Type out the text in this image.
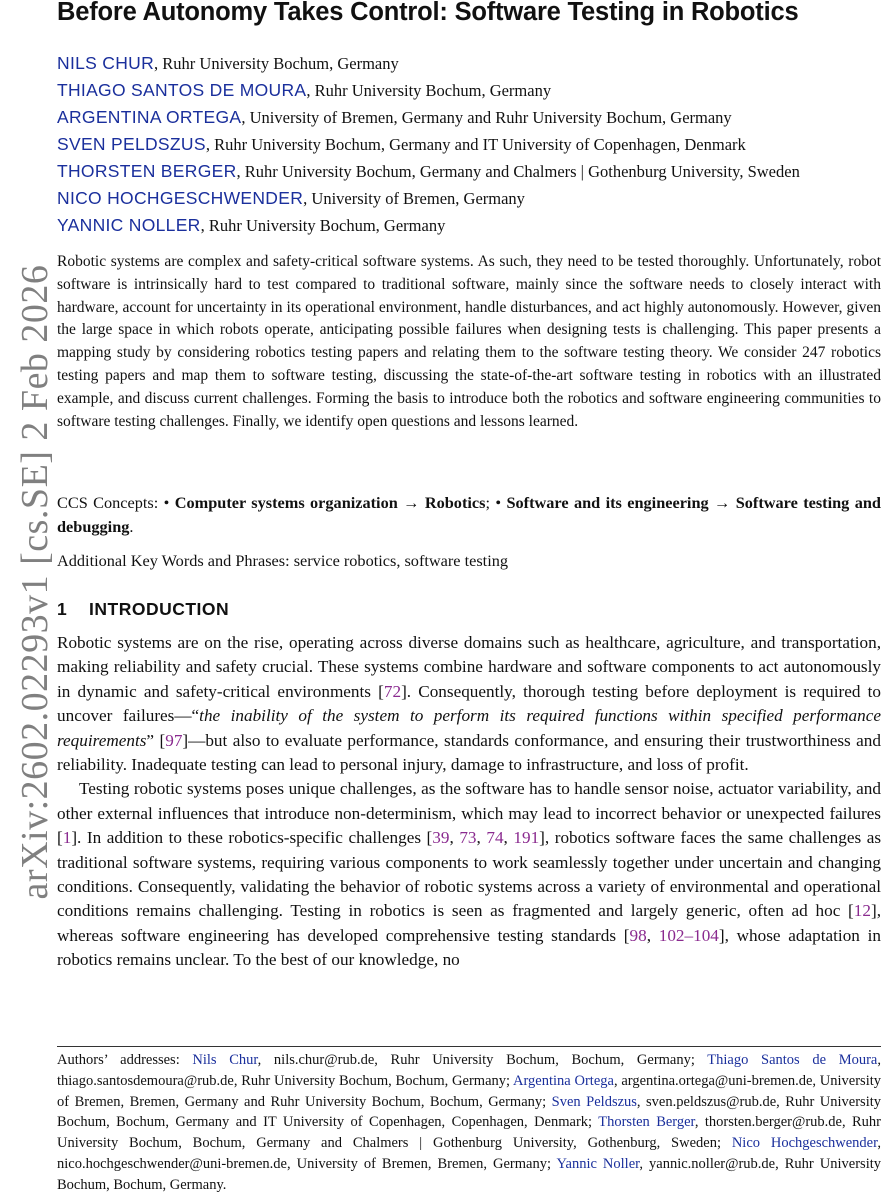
arXiv:2602.02293v1 [cs.SE] 2 Feb 2026
Before Autonomy Takes Control: Software Testing in Robotics
NILS CHUR, Ruhr University Bochum, Germany
THIAGO SANTOS DE MOURA, Ruhr University Bochum, Germany
ARGENTINA ORTEGA, University of Bremen, Germany and Ruhr University Bochum, Germany
SVEN PELDSZUS, Ruhr University Bochum, Germany and IT University of Copenhagen, Denmark
THORSTEN BERGER, Ruhr University Bochum, Germany and Chalmers | Gothenburg University, Sweden
NICO HOCHGESCHWENDER, University of Bremen, Germany
YANNIC NOLLER, Ruhr University Bochum, Germany
Robotic systems are complex and safety-critical software systems. As such, they need to be tested thoroughly. Unfortunately, robot software is intrinsically hard to test compared to traditional software, mainly since the software needs to closely interact with hardware, account for uncertainty in its operational environment, handle disturbances, and act highly autonomously. However, given the large space in which robots operate, anticipating possible failures when designing tests is challenging. This paper presents a mapping study by considering robotics testing papers and relating them to the software testing theory. We consider 247 robotics testing papers and map them to software testing, discussing the state-of-the-art software testing in robotics with an illustrated example, and discuss current challenges. Forming the basis to introduce both the robotics and software engineering communities to software testing challenges. Finally, we identify open questions and lessons learned.
CCS Concepts: • Computer systems organization → Robotics; • Software and its engineering → Software testing and debugging.
Additional Key Words and Phrases: service robotics, software testing
1 INTRODUCTION

Robotic systems are on the rise, operating across diverse domains such as healthcare, agriculture, and transportation, making reliability and safety crucial. These systems combine hardware and software components to act autonomously in dynamic and safety-critical environments [72]. Consequently, thorough testing before deployment is required to uncover failures—“the inability of the system to perform its required functions within specified performance requirements” [97]—but also to evaluate performance, standards conformance, and ensuring their trustworthiness and reliability. Inadequate testing can lead to personal injury, damage to infrastructure, and loss of profit.

Testing robotic systems poses unique challenges, as the software has to handle sensor noise, actuator variability, and other external influences that introduce non-determinism, which may lead to incorrect behavior or unexpected failures [1]. In addition to these robotics-specific challenges [39, 73, 74, 191], robotics software faces the same challenges as traditional software systems, requiring various components to work seamlessly together under uncertain and changing conditions. Consequently, validating the behavior of robotic systems across a variety of environmental and operational conditions remains challenging. Testing in robotics is seen as fragmented and largely generic, often ad hoc [12], whereas software engineering has developed comprehensive testing standards [98, 102–104], whose adaptation in robotics remains unclear. To the best of our knowledge, no

Authors’ addresses: Nils Chur, nils.chur@rub.de, Ruhr University Bochum, Bochum, Germany; Thiago Santos de Moura, thiago.santosdemoura@rub.de, Ruhr University Bochum, Bochum, Germany; Argentina Ortega, argentina.ortega@uni-bremen.de, University of Bremen, Bremen, Germany and Ruhr University Bochum, Bochum, Germany; Sven Peldszus, sven.peldszus@rub.de, Ruhr University Bochum, Bochum, Germany and IT University of Copenhagen, Copenhagen, Denmark; Thorsten Berger, thorsten.berger@rub.de, Ruhr University Bochum, Bochum, Germany and Chalmers | Gothenburg University, Gothenburg, Sweden; Nico Hochgeschwender, nico.hochgeschwender@uni-bremen.de, University of Bremen, Bremen, Germany; Yannic Noller, yannic.noller@rub.de, Ruhr University Bochum, Bochum, Germany.
